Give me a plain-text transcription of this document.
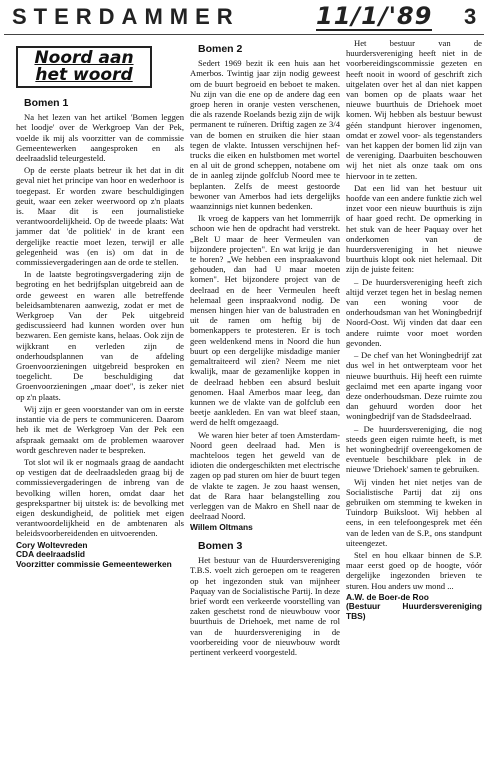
STERDAMMER	11/1/'89 3
Noord aan
het woord
Bomen 1

Na het lezen van het artikel 'Bomen leggen het loodje' over de Werkgroep Van der Pek, voelde ik mij als voorzitter van de commissie Gemeentewerken aangesproken en als deelraadslid teleurgesteld.

Op de eerste plaats betreur ik het dat in dit geval niet het principe van hoor en wederhoor is toegepast. Er worden zware beschuldigingen geuit, waar een zeker weerwoord op z'n plaats is. Maar dit is een journalistieke verantwoordelijkheid. Op de tweede plaats: Wat jammer dat 'de politiek' in de krant een dergelijke reactie moet lezen, terwijl er alle gelegenheid was (en is) om dat in de commissievergaderingen aan de orde te stellen.

In de laatste begrotingsvergadering zijn de begroting en het bedrijfsplan uitgebreid aan de orde geweest en waren alle betreffende beleidsambtenaren aanwezig, zodat er met de Werkgroep Van der Pek uitgebreid gediscussieerd had kunnen worden over hun bezwaren. Een gemiste kans, helaas. Ook zijn de wijkkrant en verleden zijn de onderhoudsplannen van de afdeling Groenvoorzieningen uitgebreid besproken en toegelicht. De beschuldiging dat Groenvoorzieningen „maar doet", is zeker niet op z'n plaats.

Wij zijn er geen voorstander van om in eerste instantie via de pers te communiceren. Daarom heb ik met de Werkgroep Van der Pek een afspraak gemaakt om de problemen waarover wordt geschreven nader te bespreken.

Tot slot wil ik er nogmaals graag de aandacht op vestigen dat de deelraadsleden graag bij de commissievergaderingen de inbreng van de bevolking willen horen, omdat daar het gesprekspartner bij uitstek is: de bevolking met eigen deskundigheid, de politiek met eigen verantwoordelijkheid en de ambtenaren als beleidsvoorbereidenden en uitvoerenden.

Cory Woltevreden
CDA deelraadslid
Voorzitter commissie Gemeentewerken
Bomen 2

Sedert 1969 bezit ik een huis aan het Amerbos. Twintig jaar zijn nodig geweest om de buurt begroeid en beboet te maken. Nu zijn van die ene op de andere dag een groep heren in oranje vesten verschenen, die als razende Roelands bezig zijn de wijk permanent te ruïneren. Driftig zagen ze 3/4 van de bomen en struiken die hier staan tegen de vlakte. Intussen verschijnen hef-trucks die eiken en hulstbomen met wortel en al uit de grond scheppen, notabene om de in aanleg zijnde golfclub Noord mee te beplanten. Zelfs de meest gestoorde bewoner van Amerbos had iets dergelijks waanzinnigs niet kunnen bedenken.

Ik vroeg de kappers van het lommerrijk schoon wie hen de opdracht had verstrekt. „Belt U maar de heer Vermeulen van bijzondere projecten". En wat krijg je dan te horen? „We hebben een inspraakavond gehouden, dan had U maar moeten komen". Het bijzondere project van de deelraad en de heer Vermeulen heeft helemaal geen inspraakvond nodig. De mensen hingen hier van de balustraden en uit de ramen om heftig bij de bomenkappers te protesteren. Er is toch geen weldenkend mens in Noord die hun buurt op een dergelijke misdadige manier gemaltraiteerd wil zien? Neem me niet kwalijk, maar de gezamenlijke koppen in de deelraad hebben een absurd besluit genomen. Haal Amerbos maar leeg, dan kunnen we de vlakte van de golfclub een beetje aankleden. En van wat bleef staan, werd de helft omgezaagd.

We waren hier beter af toen Amsterdam-Noord geen deelraad had. Men is machteloos tegen het geweld van de idioten die ondergeschikten met electrische zagen op pad sturen om hier de buurt tegen de vlakte te zagen. Je zou haast wensen, dat de Rara haar belangstelling zou verleggen van de Makro en Shell naar de deelraad Noord.

Willem Oltmans
Bomen 3

Het bestuur van de Huurdersvereniging T.B.S. voelt zich geroepen om te reageren op het ingezonden stuk van mijnheer Paquay van de Socialistische Partij. In deze brief wordt een verkeerde voorstelling van zaken geschetst rond de nieuwbouw voor buurthuis de Driehoek, met name de rol van de huurdersvereniging in de voorbereiding voor de nieuwbouw wordt pertinent verkeerd voorgesteld.

Het bestuur van de huurdersvereniging heeft niet in de voorbereidingscommissie gezeten en heeft nooit in woord of geschrift zich uitgelaten over het al dan niet kappen van bomen op de plaats waar het nieuwe buurthuis de Driehoek moet komen. Wij hebben als bestuur bewust géén standpunt hierover ingenomen, omdat er zowel voor- als tegenstanders van het kappen der bomen lid zijn van de vereniging. Daarbuiten beschouwen wij het niet als onze taak om ons hiervoor in te zetten.

Dat een lid van het bestuur uit hoofde van een andere funktie zich wel inzet voor een nieuw buurthuis is zijn of haar goed recht. De opmerking in het stuk van de heer Paquay over het onderkomen van de huurdersvereniging in het nieuwe buurthuis klopt ook niet helemaal. Dit zijn de juiste feiten:

– De huurdersvereniging heeft zich altijd verzet tegen het in beslag nemen van een woning voor de onderhoudsman van het Woningbedrijf Noord-Oost. Wij vinden dat daar een andere ruimte voor moet worden gevonden.

– De chef van het Woningbedrijf zat dus wel in het ontwerpteam voor het nieuwe buurthuis. Hij heeft een ruimte geclaimd met een aparte ingang voor deze onderhoudsman. Deze ruimte zou dan gehuurd worden door het woningbedrijf van de Stadsdeelraad.

– De huurdersvereniging, die nog steeds geen eigen ruimte heeft, is met het woningbedrijf overeengekomen de eventuele beschikbare plek in de nieuwe 'Driehoek' samen te gebruiken.

Wij vinden het niet netjes van de Socialistische Partij dat zij ons gebruiken om stemming te kweken in Tuindorp Buiksloot. Wij hebben al eens, in een telefoongesprek met één van de leden van de S.P., ons standpunt uiteengezet.

Stel en hou elkaar binnen de S.P. maar eerst goed op de hoogte, vóór dergelijke ingezonden brieven te sturen. Hou anders uw mond ...

A.W. de Boer-de Roo
(Bestuur Huurdersvereniging TBS)
